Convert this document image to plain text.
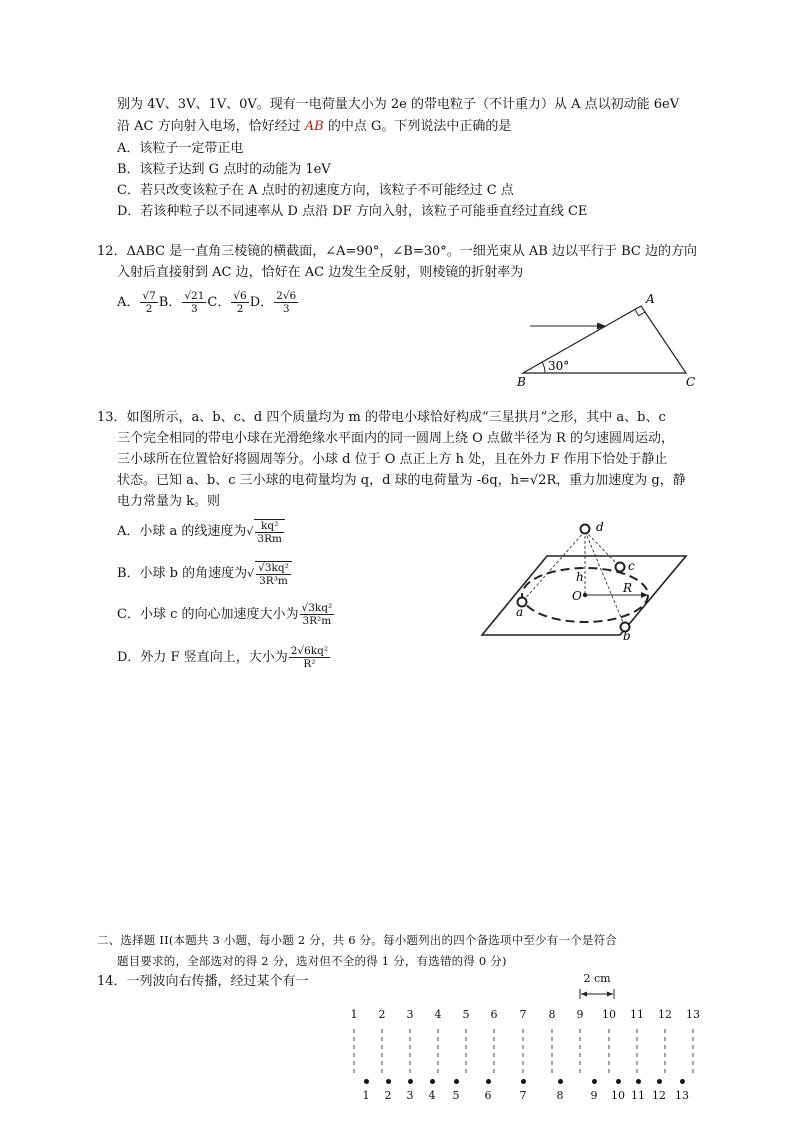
别为 4V、3V、1V、0V。现有一电荷量大小为 2e 的带电粒子（不计重力）从 A 点以初动能 6eV
沿 AC 方向射入电场，恰好经过 AB 的中点 G。下列说法中正确的是
A．该粒子一定带正电
B．该粒子达到 G 点时的动能为 1eV
C．若只改变该粒子在 A 点时的初速度方向，该粒子不可能经过 C 点
D．若该种粒子以不同速率从 D 点沿 DF 方向入射，该粒子可能垂直经过直线 CE
12．ΔABC 是一直角三棱镜的横截面，∠A=90°，∠B=30°。一细光束从 AB 边以平行于 BC 边的方向
入射后直接射到 AC 边，恰好在 AC 边发生全反射，则棱镜的折射率为
A． $\frac{√7}{2}$ B． $\frac{√21}{3}$ C． $\frac{√6}{2}$ D． $\frac{2√6}{3}$
30°
A
B	C
13．如图所示，a、b、c、d 四个质量均为 m 的带电小球恰好构成“三星拱月”之形，其中 a、b、c
三个完全相同的带电小球在光滑绝缘水平面内的同一圆周上绕 O 点做半径为 R 的匀速圆周运动，
三小球所在位置恰好将圆周等分。小球 d 位于 O 点正上方 h 处，且在外力 F 作用下恰处于静止
状态。已知 a、b、c 三小球的电荷量均为 q，d 球的电荷量为 -6q，h=√2R，重力加速度为 g，静
电力常量为 k。则
A．小球 a 的线速度为√ $\frac{\text{kq²}}{3Rm}$
B．小球 b 的角速度为√ $\frac{\text{√3kq²}}{\text{3R³m}}$
C．小球 c 的向心加速度大小为 $\frac{\text{√3kq²}}{\text{3R²m}}$
D．外力 F 竖直向上，大小为 $\frac{\text{2√6kq²}}{\text{R²}}$
d
a
b
c
O
h
R
二、选择题 II(本题共 3 小题，每小题 2 分，共 6 分。每小题列出的四个备选项中至少有一个是符合
题目要求的，全部选对的得 2 分，选对但不全的得 1 分，有选错的得 0 分)
14．一列波向右传播，经过某个有一	2 cm
1	2	3	4	5	6	7	8	9	10 11 12 13
1	2	3	4	5	6	7	8	9	10 11 12 13
